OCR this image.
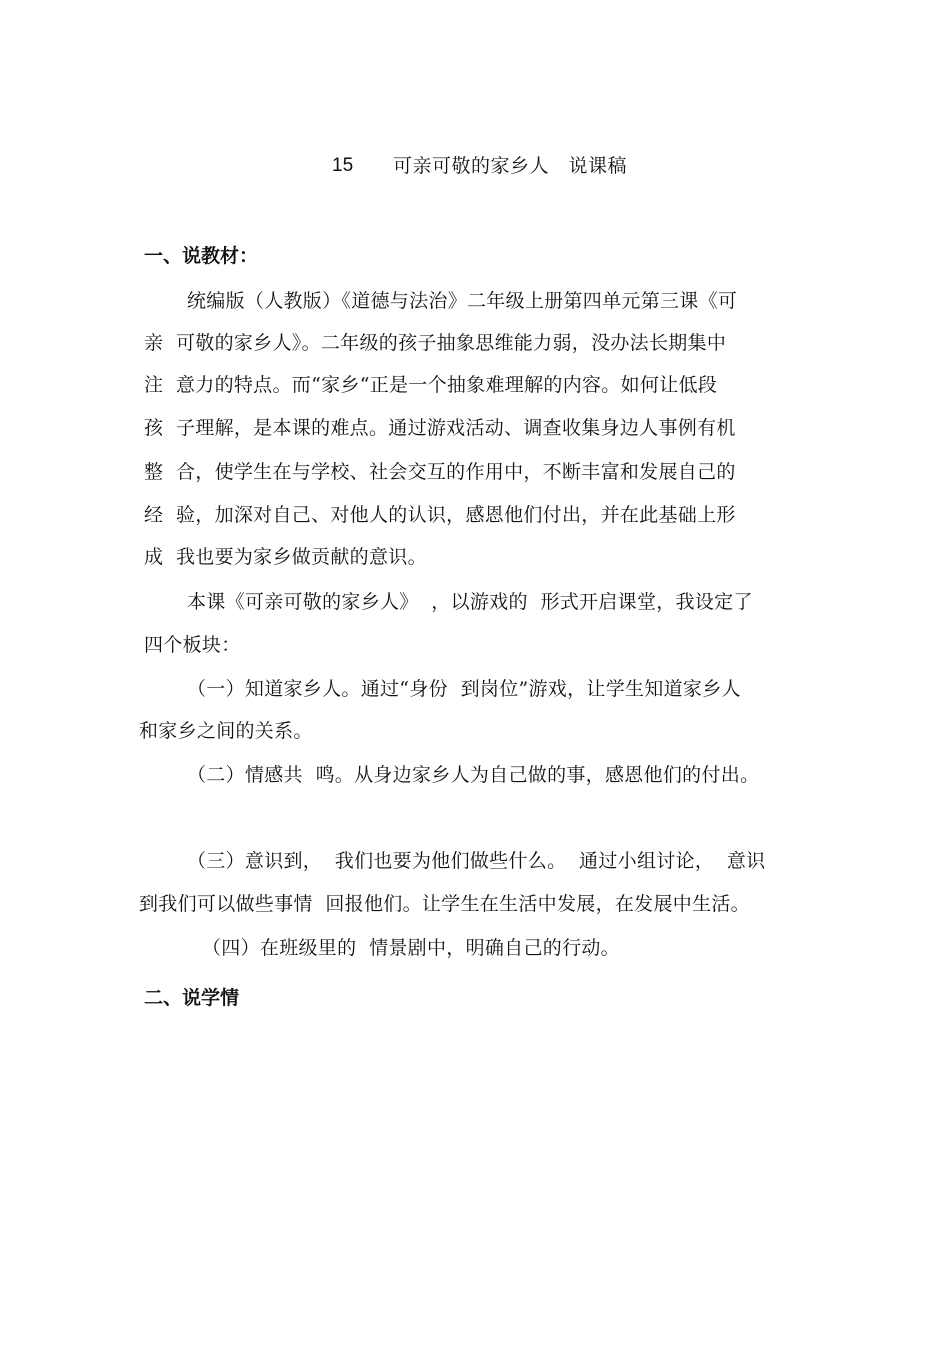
15 可亲可敬的家乡人　说课稿
一、说教材：
统编版（人教版）《道德与法治》二年级上册第四单元第三课《可
亲  可敬的家乡人》。二年级的孩子抽象思维能力弱，没办法长期集中
注  意力的特点。而“家乡“正是一个抽象难理解的内容。如何让低段
孩  子理解，是本课的难点。通过游戏活动、调查收集身边人事例有机
整  合，使学生在与学校、社会交互的作用中，不断丰富和发展自己的
经  验，加深对自己、对他人的认识，感恩他们付出，并在此基础上形
成  我也要为家乡做贡献的意识。
本课《可亲可敬的家乡人》  ，以游戏的  形式开启课堂，我设定了
四个板块：
（一）知道家乡人。通过“身份  到岗位”游戏，让学生知道家乡人
和家乡之间的关系。
（二）情感共  鸣。从身边家乡人为自己做的事，感恩他们的付出。
（三）意识到，  我们也要为他们做些什么。  通过小组讨论，  意识
到我们可以做些事情  回报他们。让学生在生活中发展，在发展中生活。
（四）在班级里的  情景剧中，明确自己的行动。
二、说学情
